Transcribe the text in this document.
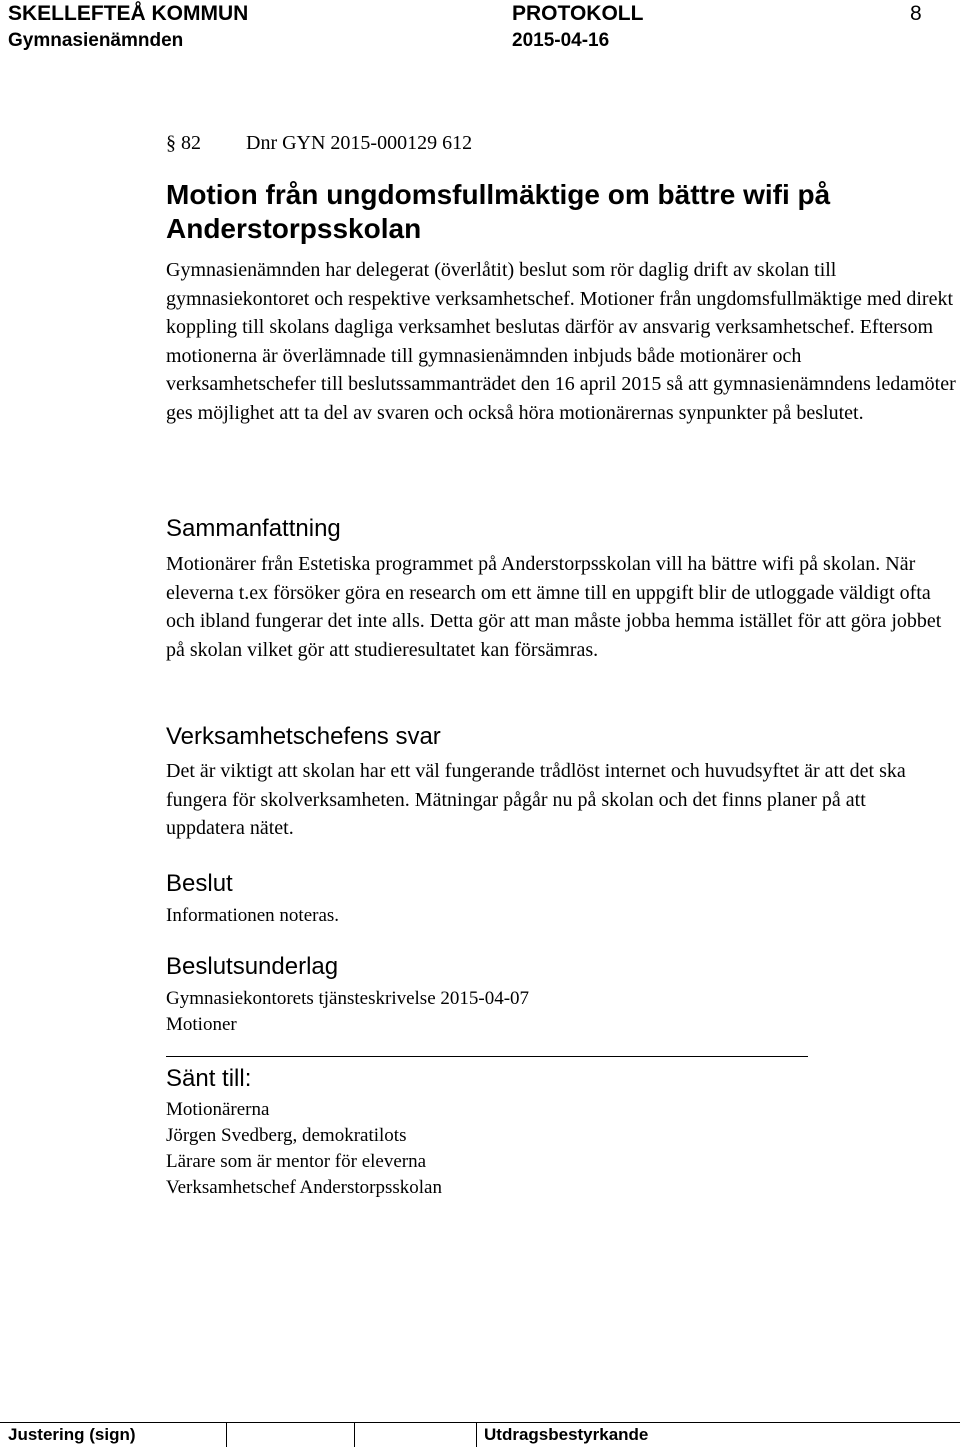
SKELLEFTEÅ KOMMUN
Gymnasienämnden
PROTOKOLL
2015-04-16
8
§ 82 Dnr GYN 2015-000129 612
Motion från ungdomsfullmäktige om bättre wifi på Anderstorpsskolan

Gymnasienämnden har delegerat (överlåtit) beslut som rör daglig drift av skolan till gymnasiekontoret och respektive verksamhetschef. Motioner från ungdomsfullmäktige med direkt koppling till skolans dagliga verksamhet beslutas därför av ansvarig verksamhetschef. Eftersom motionerna är överlämnade till gymnasienämnden inbjuds både motionärer och verksamhetschefer till beslutssammanträdet den 16 april 2015 så att gymnasienämndens ledamöter ges möjlighet att ta del av svaren och också höra motionärernas synpunkter på beslutet.

Sammanfattning

Motionärer från Estetiska programmet på Anderstorpsskolan vill ha bättre wifi på skolan. När eleverna t.ex försöker göra en research om ett ämne till en uppgift blir de utloggade väldigt ofta och ibland fungerar det inte alls. Detta gör att man måste jobba hemma istället för att göra jobbet på skolan vilket gör att studieresultatet kan försämras.

Verksamhetschefens svar

Det är viktigt att skolan har ett väl fungerande trådlöst internet och huvudsyftet är att det ska fungera för skolverksamheten. Mätningar pågår nu på skolan och det finns planer på att uppdatera nätet.

Beslut

Informationen noteras.

Beslutsunderlag
Gymnasiekontorets tjänsteskrivelse 2015-04-07
Motioner
Sänt till:
Motionärerna
Jörgen Svedberg, demokratilots
Lärare som är mentor för eleverna
Verksamhetschef Anderstorpsskolan
Justering (sign)	Utdragsbestyrkande
